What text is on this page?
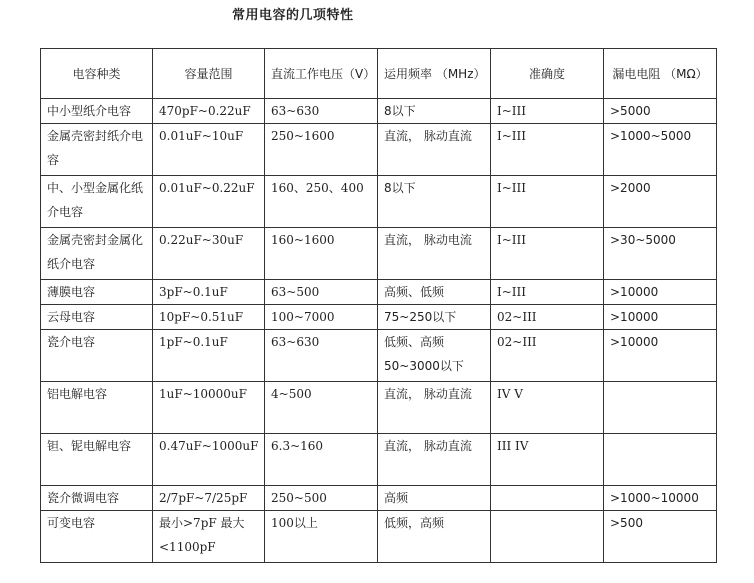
常用电容的几项特性
电容种类	容量范围	直流工作电压（V）	运用频率 （MHz）	准确度	漏电电阻 （MΩ）
中小型纸介电容	470pF~0.22uF	63~630	8以下	I~III	>5000
金属壳密封纸介电容	0.01uF~10uF	250~1600	直流， 脉动直流	I~III	>1000~5000
中、小型金属化纸介电容	0.01uF~0.22uF	160、250、400	8以下	I~III	>2000
金属壳密封金属化纸介电容	0.22uF~30uF	160~1600	直流， 脉动电流	I~III	>30~5000
薄膜电容	3pF~0.1uF	63~500	高频、低频	I~III	>10000
云母电容	10pF~0.51uF	100~7000	75~250以下	02~III	>10000
瓷介电容	1pF~0.1uF	63~630	低频、高频 50~3000以下	02~III	>10000
铝电解电容	1uF~10000uF	4~500	直流， 脉动直流	IV V	
钽、铌电解电容	0.47uF~1000uF	6.3~160	直流， 脉动直流	III IV	
瓷介微调电容	2/7pF~7/25pF	250~500	高频		>1000~10000
可变电容	最小>7pF 最大<1100pF	100以上	低频，高频		>500
